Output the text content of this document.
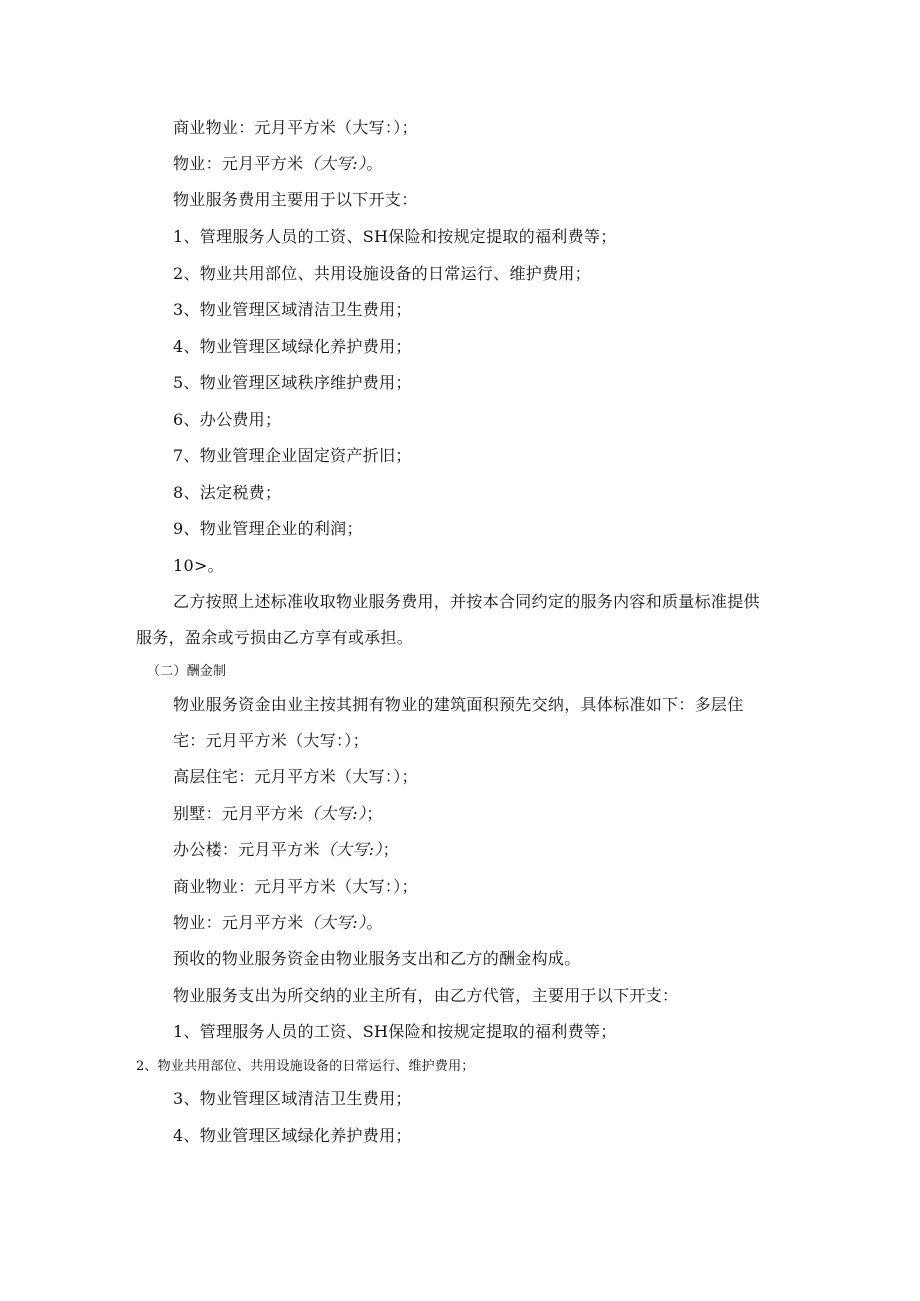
商业物业：元月平方米（大写：）；
物业：元月平方米（大写:）。
物业服务费用主要用于以下开支：
1、管理服务人员的工资、SH保险和按规定提取的福利费等；
2、物业共用部位、共用设施设备的日常运行、维护费用；
3、物业管理区域清洁卫生费用；
4、物业管理区域绿化养护费用；
5、物业管理区域秩序维护费用；
6、办公费用；
7、物业管理企业固定资产折旧；
8、法定税费；
9、物业管理企业的利润；
10>。
乙方按照上述标准收取物业服务费用，并按本合同约定的服务内容和质量标准提供
服务，盈余或亏损由乙方享有或承担。
（二）酬金制
物业服务资金由业主按其拥有物业的建筑面积预先交纳，具体标准如下：多层住
宅：元月平方米（大写：）；
高层住宅：元月平方米（大写：）；
别墅：元月平方米（大写:）；
办公楼：元月平方米（大写:）；
商业物业：元月平方米（大写：）；
物业：元月平方米（大写:）。
预收的物业服务资金由物业服务支出和乙方的酬金构成。
物业服务支出为所交纳的业主所有，由乙方代管，主要用于以下开支：
1、管理服务人员的工资、SH保险和按规定提取的福利费等；
2、物业共用部位、共用设施设备的日常运行、维护费用；
3、物业管理区域清洁卫生费用；
4、物业管理区域绿化养护费用；
